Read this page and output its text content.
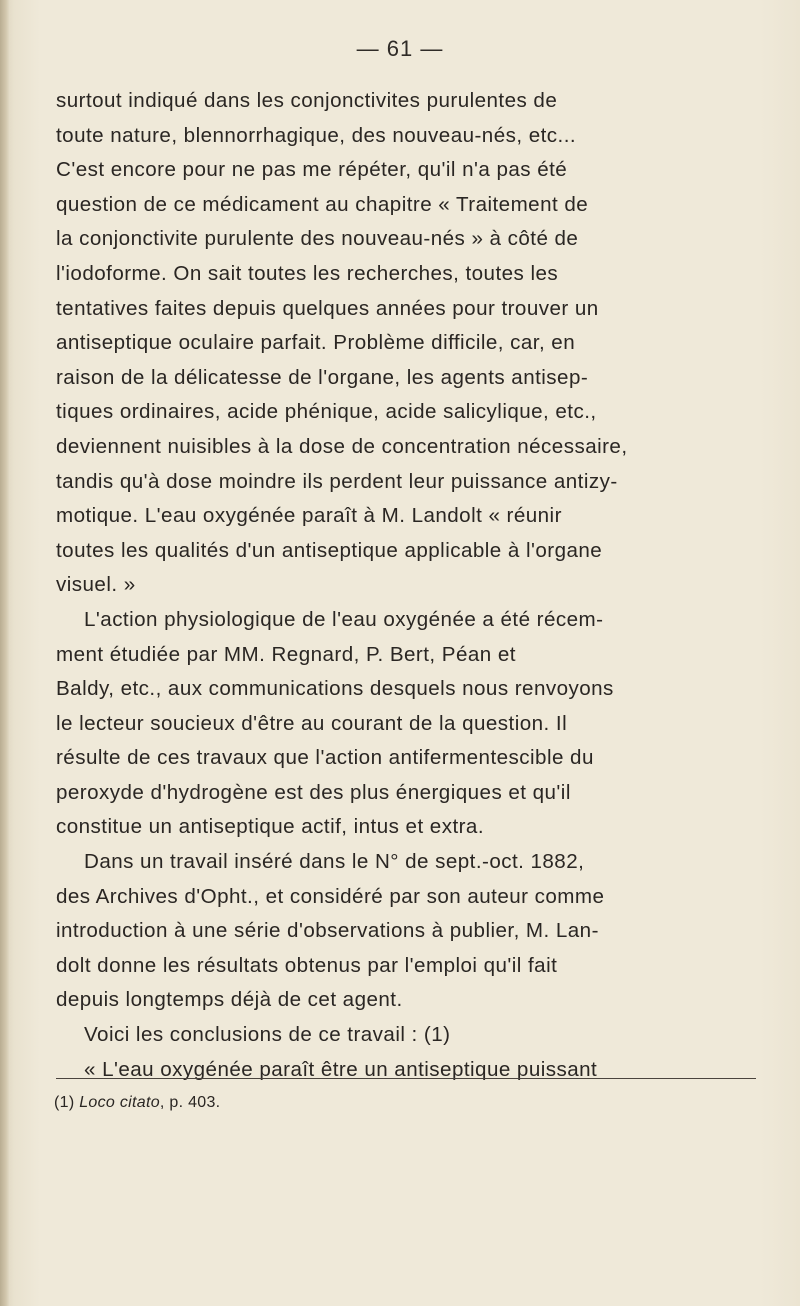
— 61 —

surtout indiqué dans les conjonctivites purulentes de
toute nature, blennorrhagique, des nouveau-nés, etc...
C'est encore pour ne pas me répéter, qu'il n'a pas été
question de ce médicament au chapitre « Traitement de
la conjonctivite purulente des nouveau-nés » à côté de
l'iodoforme. On sait toutes les recherches, toutes les
tentatives faites depuis quelques années pour trouver un
antiseptique oculaire parfait. Problème difficile, car, en
raison de la délicatesse de l'organe, les agents antisep-
tiques ordinaires, acide phénique, acide salicylique, etc.,
deviennent nuisibles à la dose de concentration nécessaire,
tandis qu'à dose moindre ils perdent leur puissance antizy-
motique. L'eau oxygénée paraît à M. Landolt « réunir
toutes les qualités d'un antiseptique applicable à l'organe
visuel. »

L'action physiologique de l'eau oxygénée a été récem-
ment étudiée par MM. Regnard, P. Bert, Péan et
Baldy, etc., aux communications desquels nous renvoyons
le lecteur soucieux d'être au courant de la question. Il
résulte de ces travaux que l'action antifermentescible du
peroxyde d'hydrogène est des plus énergiques et qu'il
constitue un antiseptique actif, intus et extra.

Dans un travail inséré dans le N° de sept.-oct. 1882,
des Archives d'Opht., et considéré par son auteur comme
introduction à une série d'observations à publier, M. Lan-
dolt donne les résultats obtenus par l'emploi qu'il fait
depuis longtemps déjà de cet agent.

Voici les conclusions de ce travail : (1)
« L'eau oxygénée paraît être un antiseptique puissant

(1) Loco citato, p. 403.
